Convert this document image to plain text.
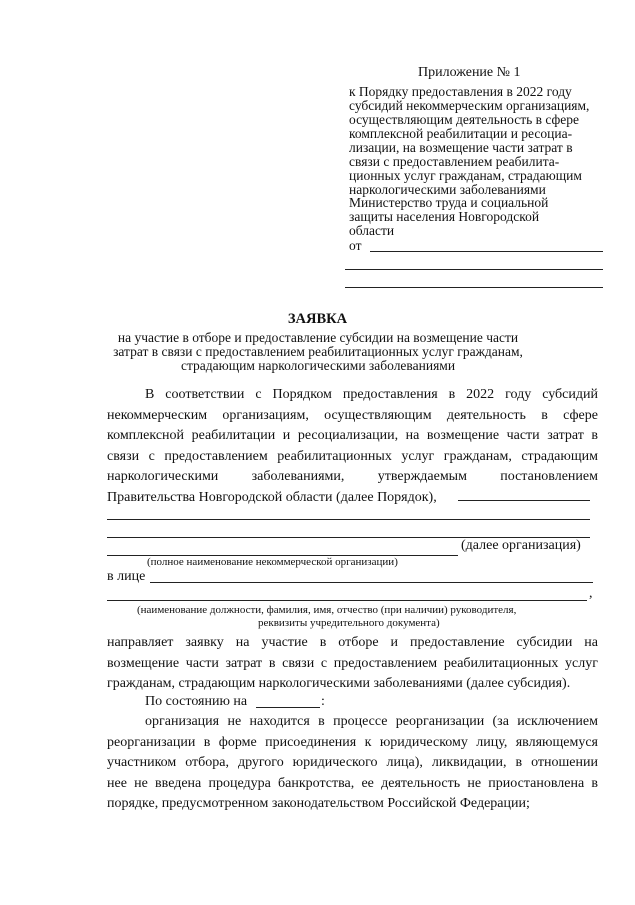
Приложение № 1
к Порядку предоставления в 2022 году
субсидий некоммерческим организациям,
осуществляющим деятельность в сфере
комплексной реабилитации и ресоциа-
лизации, на возмещение части затрат в
связи с предоставлением реабилита-
ционных услуг гражданам, страдающим
наркологическими заболеваниями
Министерство труда и социальной
защиты населения Новгородской
области
от
ЗАЯВКА
на участие в отборе и предоставление субсидии на возмещение части затрат в связи с предоставлением реабилитационных услуг гражданам, страдающим наркологическими заболеваниями
В соответствии с Порядком предоставления в 2022 году субсидий
некоммерческим организациям, осуществляющим деятельность в сфере
комплексной реабилитации и ресоциализации, на возмещение части затрат в
связи с предоставлением реабилитационных услуг гражданам, страдающим
наркологическими заболеваниями, утверждаемым постановлением
Правительства Новгородской области (далее Порядок),
(далее организация)
(полное наименование некоммерческой организации)
в лице
,
(наименование должности, фамилия, имя, отчество (при наличии) руководителя,
реквизиты учредительного документа)
направляет заявку на участие в отборе и предоставление субсидии на
возмещение части затрат в связи с предоставлением реабилитационных услуг
гражданам, страдающим наркологическими заболеваниями (далее субсидия).
По состоянию на	:
организация не находится в процессе реорганизации (за исключением
реорганизации в форме присоединения к юридическому лицу, являющемуся
участником отбора, другого юридического лица), ликвидации, в отношении
нее не введена процедура банкротства, ее деятельность не приостановлена в
порядке, предусмотренном законодательством Российской Федерации;
